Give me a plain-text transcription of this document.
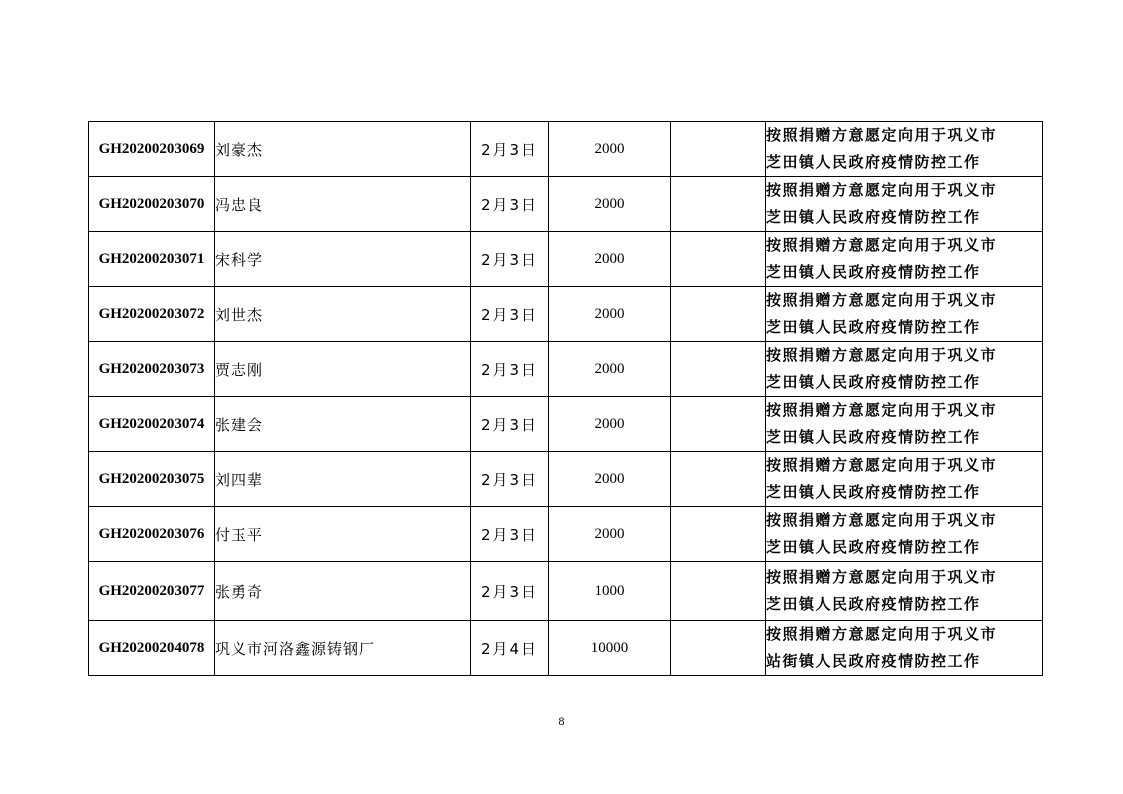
GH20200203069	刘豪杰	2月3日	2000		按照捐赠方意愿定向用于巩义市
芝田镇人民政府疫情防控工作

GH20200203070	冯忠良	2月3日	2000		按照捐赠方意愿定向用于巩义市
芝田镇人民政府疫情防控工作

GH20200203071	宋科学	2月3日	2000		按照捐赠方意愿定向用于巩义市
芝田镇人民政府疫情防控工作

GH20200203072	刘世杰	2月3日	2000		按照捐赠方意愿定向用于巩义市
芝田镇人民政府疫情防控工作

GH20200203073	贾志刚	2月3日	2000		按照捐赠方意愿定向用于巩义市
芝田镇人民政府疫情防控工作

GH20200203074	张建会	2月3日	2000		按照捐赠方意愿定向用于巩义市
芝田镇人民政府疫情防控工作

GH20200203075	刘四辈	2月3日	2000		按照捐赠方意愿定向用于巩义市
芝田镇人民政府疫情防控工作

GH20200203076	付玉平	2月3日	2000		按照捐赠方意愿定向用于巩义市
芝田镇人民政府疫情防控工作

GH20200203077	张勇奇	2月3日	1000		按照捐赠方意愿定向用于巩义市
芝田镇人民政府疫情防控工作

GH20200204078	巩义市河洛鑫源铸钢厂	2月4日	10000		按照捐赠方意愿定向用于巩义市
站街镇人民政府疫情防控工作
8
